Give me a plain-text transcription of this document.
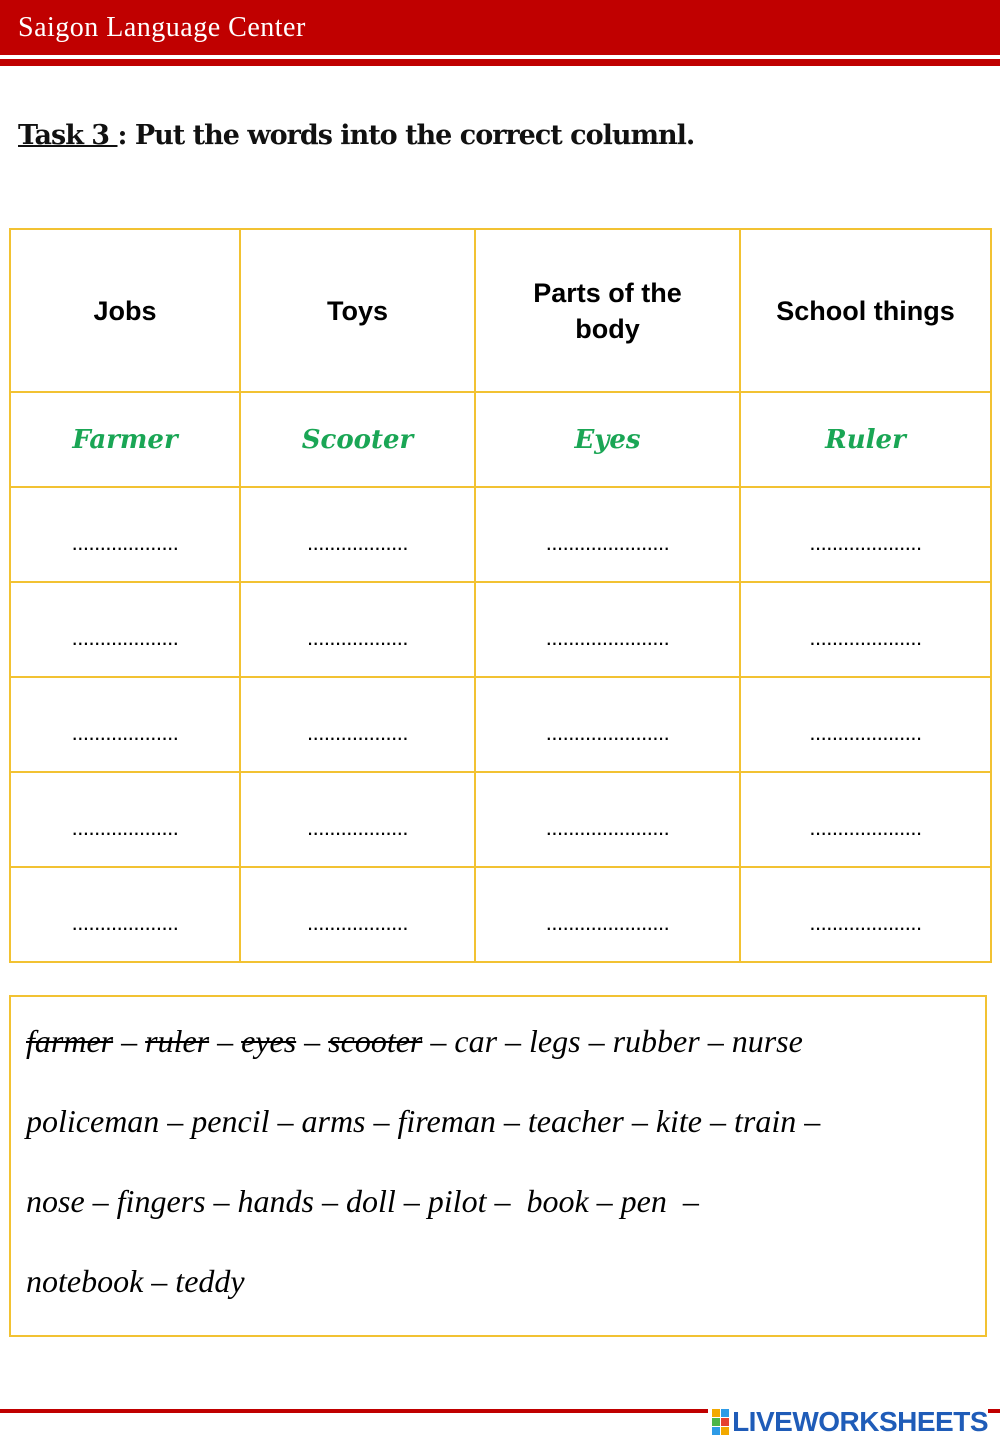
Saigon Language Center
Task 3 : Put the words into the correct columnl.
Jobs	Toys	Parts of the body	School things
Farmer	Scooter	Eyes	Ruler
...................	..................	......................	....................
...................	..................	......................	....................
...................	..................	......................	....................
...................	..................	......................	....................
...................	..................	......................	....................
farmer – ruler – eyes – scooter – car – legs – rubber – nurse
policeman – pencil – arms – fireman – teacher – kite – train –
nose – fingers – hands – doll – pilot –  book – pen  –
notebook – teddy
LIVEWORKSHEETS
